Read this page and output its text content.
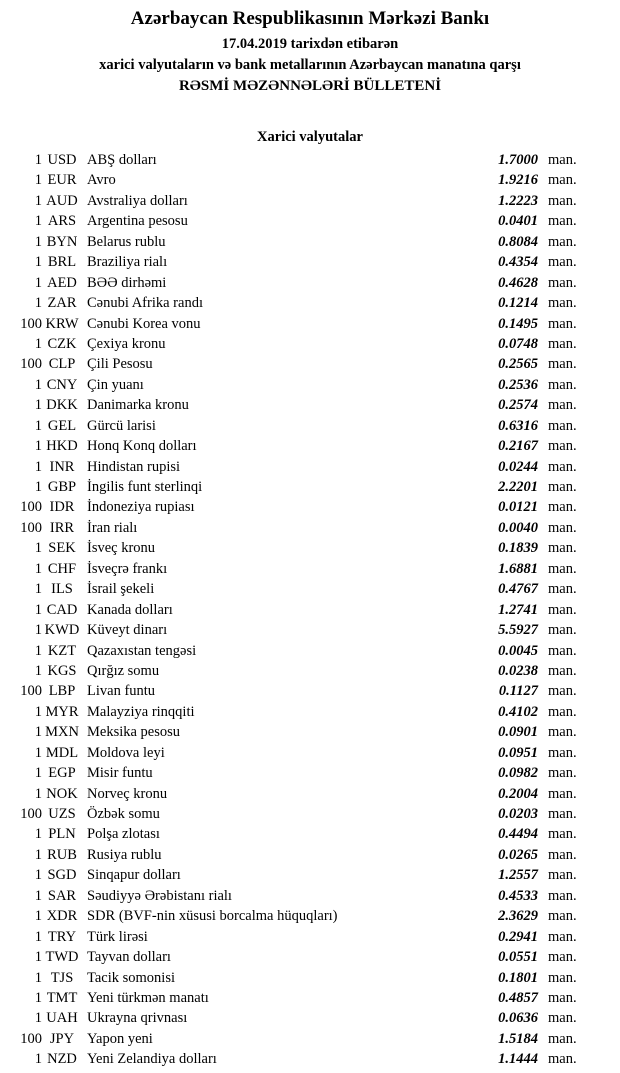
Azərbaycan Respublikasının Mərkəzi Bankı
17.04.2019 tarixdən etibarən
xarici valyutaların və bank metallarının Azərbaycan manatına qarşı
RƏSMİ MƏZƏNNƏLƏRİ BÜLLETENİ
Xarici valyutalar
1 USD ABŞ dolları	1.7000 man.
1 EUR Avro	1.9216 man.
1 AUD Avstraliya dolları	1.2223 man.
1 ARS Argentina pesosu	0.0401 man.
1 BYN Belarus rublu	0.8084 man.
1 BRL Braziliya rialı	0.4354 man.
1 AED BƏƏ dirhəmi	0.4628 man.
1 ZAR Cənubi Afrika randı	0.1214 man.
100 KRW Cənubi Korea vonu	0.1495 man.
1 CZK Çexiya kronu	0.0748 man.
100 CLP Çili Pesosu	0.2565 man.
1 CNY Çin yuanı	0.2536 man.
1 DKK Danimarka kronu	0.2574 man.
1 GEL Gürcü larisi	0.6316 man.
1 HKD Honq Konq dolları	0.2167 man.
1 INR Hindistan rupisi	0.0244 man.
1 GBP İngilis funt sterlinqi	2.2201 man.
100 IDR İndoneziya rupiası	0.0121 man.
100 IRR İran rialı	0.0040 man.
1 SEK İsveç kronu	0.1839 man.
1 CHF İsveçrə frankı	1.6881 man.
1 ILS İsrail şekeli	0.4767 man.
1 CAD Kanada dolları	1.2741 man.
1 KWD Küveyt dinarı	5.5927 man.
1 KZT Qazaxıstan tengəsi	0.0045 man.
1 KGS Qırğız somu	0.0238 man.
100 LBP Livan funtu	0.1127 man.
1 MYR Malayziya rinqqiti	0.4102 man.
1 MXN Meksika pesosu	0.0901 man.
1 MDL Moldova leyi	0.0951 man.
1 EGP Misir funtu	0.0982 man.
1 NOK Norveç kronu	0.2004 man.
100 UZS Özbək somu	0.0203 man.
1 PLN Polşa zlotası	0.4494 man.
1 RUB Rusiya rublu	0.0265 man.
1 SGD Sinqapur dolları	1.2557 man.
1 SAR Səudiyyə Ərəbistanı rialı	0.4533 man.
1 XDR SDR (BVF-nin xüsusi borcalma hüquqları)	2.3629 man.
1 TRY Türk lirəsi	0.2941 man.
1 TWD Tayvan dolları	0.0551 man.
1 TJS Tacik somonisi	0.1801 man.
1 TMT Yeni türkmən manatı	0.4857 man.
1 UAH Ukrayna qrivnası	0.0636 man.
100 JPY Yapon yeni	1.5184 man.
1 NZD Yeni Zelandiya dolları	1.1444 man.
